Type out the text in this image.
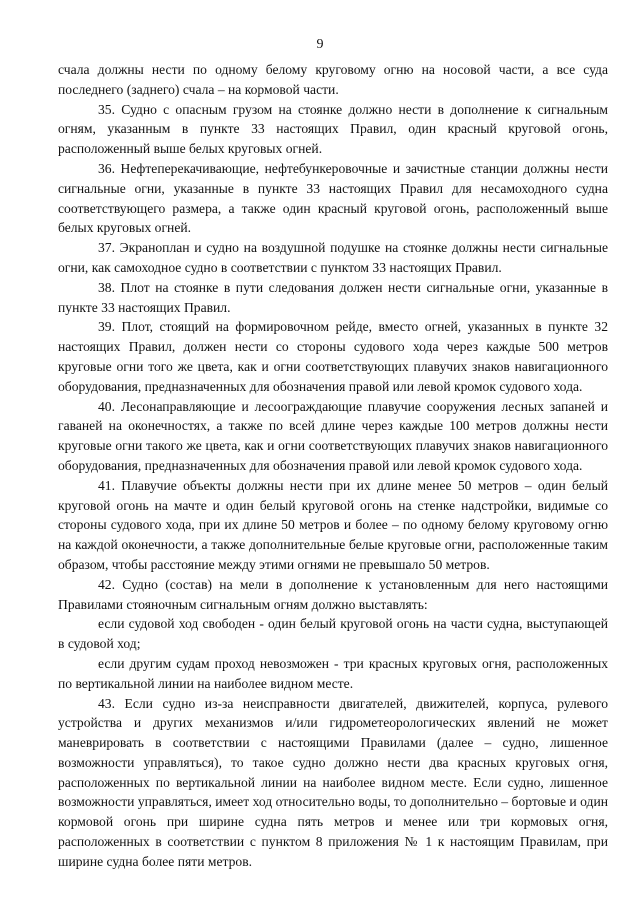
9

счала должны нести по одному белому круговому огню на носовой части, а все суда последнего (заднего) счала – на кормовой части.

35. Судно с опасным грузом на стоянке должно нести в дополнение к сигнальным огням, указанным в пункте 33 настоящих Правил, один красный круговой огонь, расположенный выше белых круговых огней.

36. Нефтеперекачивающие, нефтебункеровочные и зачистные станции должны нести сигнальные огни, указанные в пункте 33 настоящих Правил для несамоходного судна соответствующего размера, а также один красный круговой огонь, расположенный выше белых круговых огней.

37. Экраноплан и судно на воздушной подушке на стоянке должны нести сигнальные огни, как самоходное судно в соответствии с пунктом 33 настоящих Правил.

38. Плот на стоянке в пути следования должен нести сигнальные огни, указанные в пункте 33 настоящих Правил.

39. Плот, стоящий на формировочном рейде, вместо огней, указанных в пункте 32 настоящих Правил, должен нести со стороны судового хода через каждые 500 метров круговые огни того же цвета, как и огни соответствующих плавучих знаков навигационного оборудования, предназначенных для обозначения правой или левой кромок судового хода.

40. Лесонаправляющие и лесоограждающие плавучие сооружения лесных запаней и гаваней на оконечностях, а также по всей длине через каждые 100 метров должны нести круговые огни такого же цвета, как и огни соответствующих плавучих знаков навигационного оборудования, предназначенных для обозначения правой или левой кромок судового хода.

41. Плавучие объекты должны нести при их длине менее 50 метров – один белый круговой огонь на мачте и один белый круговой огонь на стенке надстройки, видимые со стороны судового хода, при их длине 50 метров и более – по одному белому круговому огню на каждой оконечности, а также дополнительные белые круговые огни, расположенные таким образом, чтобы расстояние между этими огнями не превышало 50 метров.

42. Судно (состав) на мели в дополнение к установленным для него настоящими Правилами стояночным сигнальным огням должно выставлять:

если судовой ход свободен - один белый круговой огонь на части судна, выступающей в судовой ход;

если другим судам проход невозможен - три красных круговых огня, расположенных по вертикальной линии на наиболее видном месте.

43. Если судно из-за неисправности двигателей, движителей, корпуса, рулевого устройства и других механизмов и/или гидрометеорологических явлений не может маневрировать в соответствии с настоящими Правилами (далее – судно, лишенное возможности управляться), то такое судно должно нести два красных круговых огня, расположенных по вертикальной линии на наиболее видном месте. Если судно, лишенное возможности управляться, имеет ход относительно воды, то дополнительно – бортовые и один кормовой огонь при ширине судна пять метров и менее или три кормовых огня, расположенных в соответствии с пунктом 8 приложения № 1 к настоящим Правилам, при ширине судна более пяти метров.
